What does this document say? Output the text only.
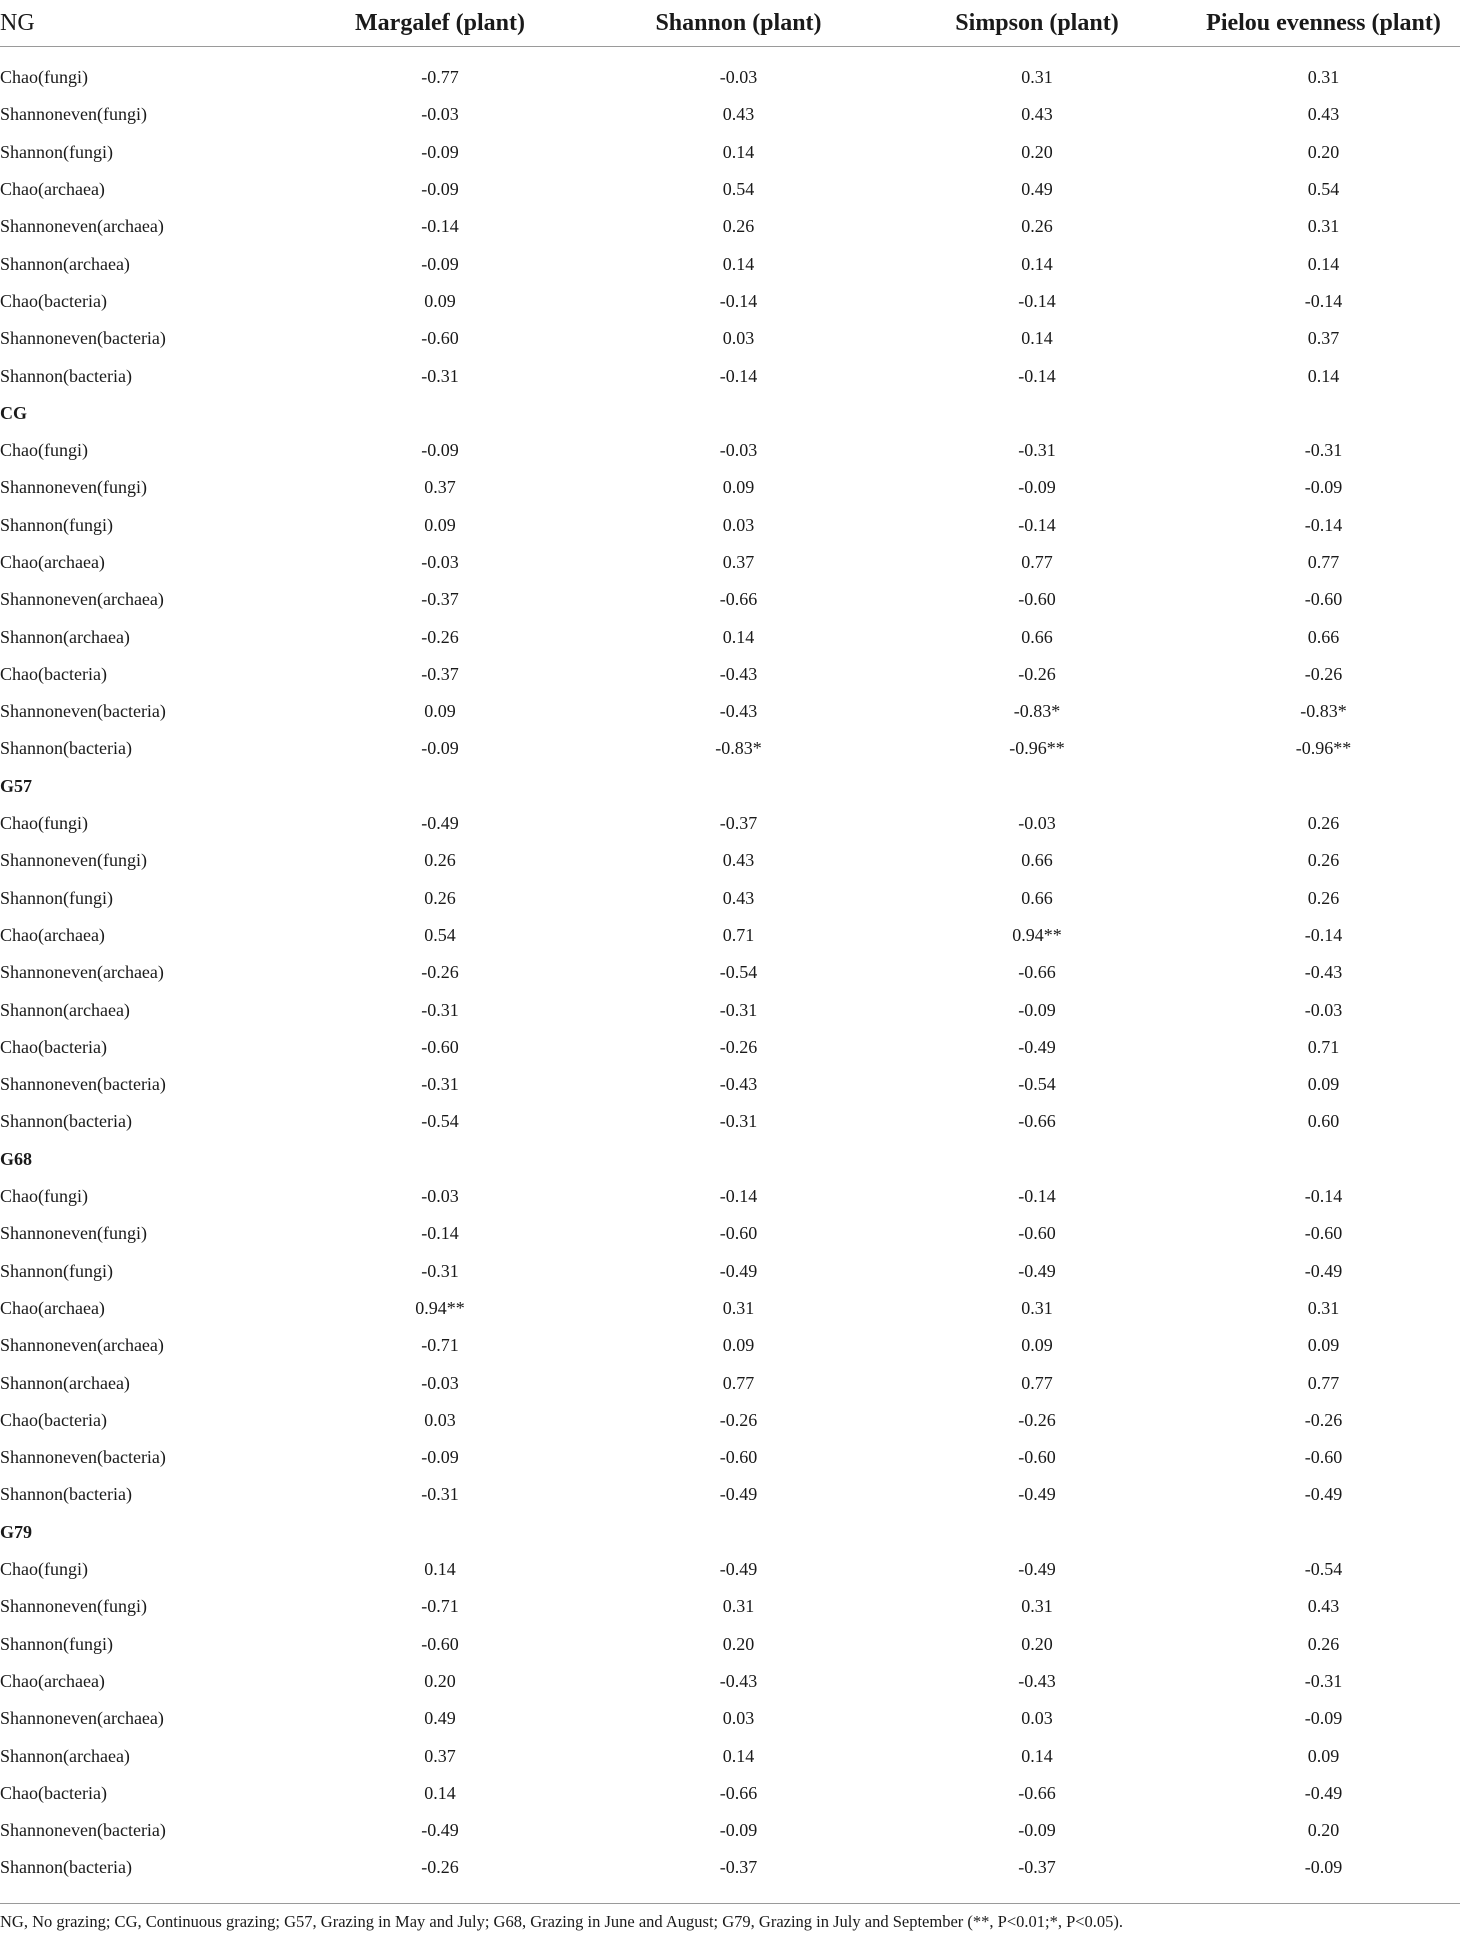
NG	Margalef (plant)	Shannon (plant)	Simpson (plant)	Pielou evenness (plant)

Chao(fungi)	-0.77	-0.03	0.31	0.31
Shannoneven(fungi)	-0.03	0.43	0.43	0.43
Shannon(fungi)	-0.09	0.14	0.20	0.20
Chao(archaea)	-0.09	0.54	0.49	0.54
Shannoneven(archaea)	-0.14	0.26	0.26	0.31
Shannon(archaea)	-0.09	0.14	0.14	0.14
Chao(bacteria)	0.09	-0.14	-0.14	-0.14
Shannoneven(bacteria)	-0.60	0.03	0.14	0.37
Shannon(bacteria)	-0.31	-0.14	-0.14	0.14
CG				
Chao(fungi)	-0.09	-0.03	-0.31	-0.31
Shannoneven(fungi)	0.37	0.09	-0.09	-0.09
Shannon(fungi)	0.09	0.03	-0.14	-0.14
Chao(archaea)	-0.03	0.37	0.77	0.77
Shannoneven(archaea)	-0.37	-0.66	-0.60	-0.60
Shannon(archaea)	-0.26	0.14	0.66	0.66
Chao(bacteria)	-0.37	-0.43	-0.26	-0.26
Shannoneven(bacteria)	0.09	-0.43	-0.83*	-0.83*
Shannon(bacteria)	-0.09	-0.83*	-0.96**	-0.96**
G57				
Chao(fungi)	-0.49	-0.37	-0.03	0.26
Shannoneven(fungi)	0.26	0.43	0.66	0.26
Shannon(fungi)	0.26	0.43	0.66	0.26
Chao(archaea)	0.54	0.71	0.94**	-0.14
Shannoneven(archaea)	-0.26	-0.54	-0.66	-0.43
Shannon(archaea)	-0.31	-0.31	-0.09	-0.03
Chao(bacteria)	-0.60	-0.26	-0.49	0.71
Shannoneven(bacteria)	-0.31	-0.43	-0.54	0.09
Shannon(bacteria)	-0.54	-0.31	-0.66	0.60
G68				
Chao(fungi)	-0.03	-0.14	-0.14	-0.14
Shannoneven(fungi)	-0.14	-0.60	-0.60	-0.60
Shannon(fungi)	-0.31	-0.49	-0.49	-0.49
Chao(archaea)	0.94**	0.31	0.31	0.31
Shannoneven(archaea)	-0.71	0.09	0.09	0.09
Shannon(archaea)	-0.03	0.77	0.77	0.77
Chao(bacteria)	0.03	-0.26	-0.26	-0.26
Shannoneven(bacteria)	-0.09	-0.60	-0.60	-0.60
Shannon(bacteria)	-0.31	-0.49	-0.49	-0.49
G79				
Chao(fungi)	0.14	-0.49	-0.49	-0.54
Shannoneven(fungi)	-0.71	0.31	0.31	0.43
Shannon(fungi)	-0.60	0.20	0.20	0.26
Chao(archaea)	0.20	-0.43	-0.43	-0.31
Shannoneven(archaea)	0.49	0.03	0.03	-0.09
Shannon(archaea)	0.37	0.14	0.14	0.09
Chao(bacteria)	0.14	-0.66	-0.66	-0.49
Shannoneven(bacteria)	-0.49	-0.09	-0.09	0.20
Shannon(bacteria)	-0.26	-0.37	-0.37	-0.09
NG, No grazing; CG, Continuous grazing; G57, Grazing in May and July; G68, Grazing in June and August; G79, Grazing in July and September (**, P<0.01;*, P<0.05).
